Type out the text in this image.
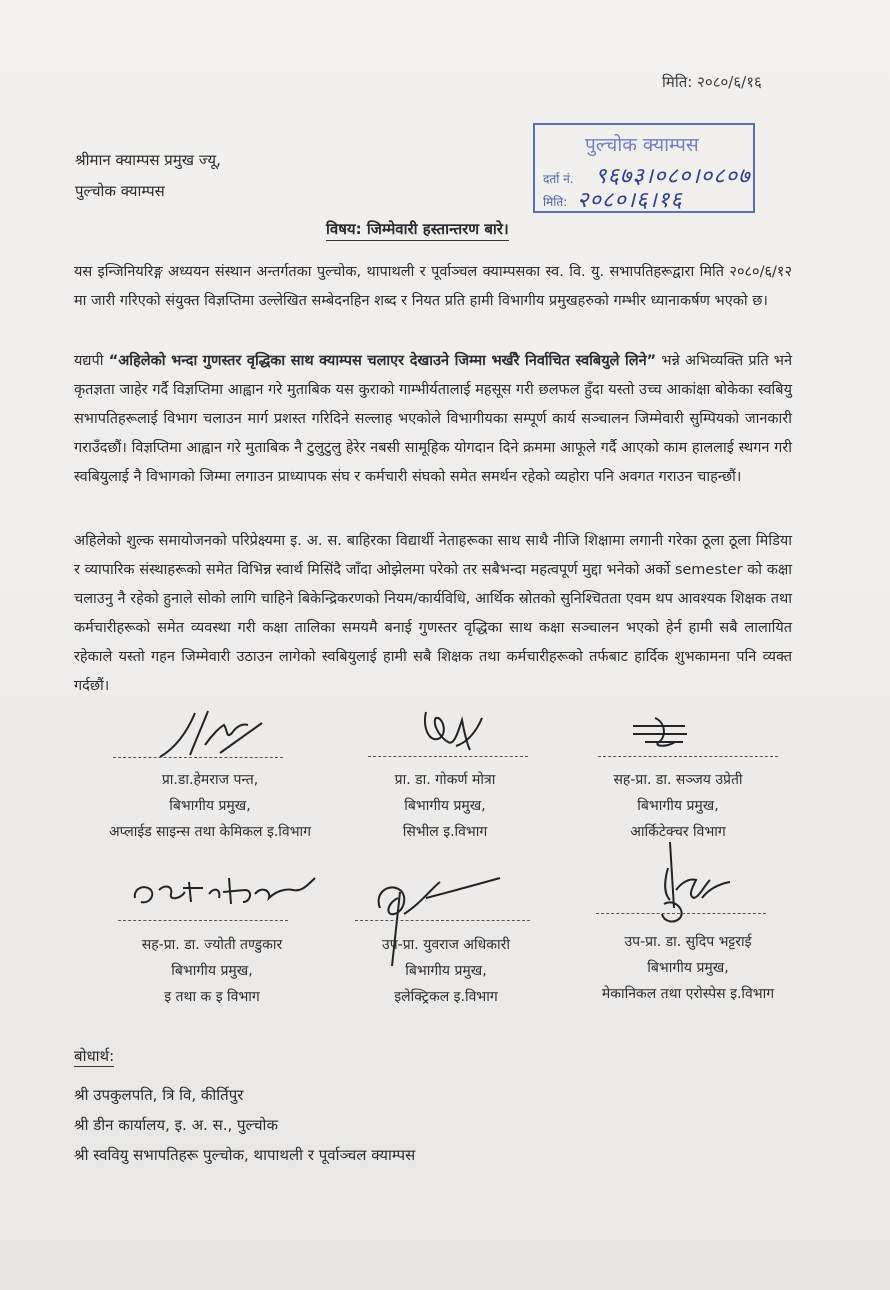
मिति: २०८०/६/१६
श्रीमान क्याम्पस प्रमुख ज्यू,
पुल्चोक क्याम्पस
पुल्चोक क्याम्पस
दर्ता नं. ९६७३।०८०।०८०७
मिति: २०८०।६।१६
विषय: जिम्मेवारी हस्तान्तरण बारे।
यस इन्जिनियरिङ्ग अध्ययन संस्थान अन्तर्गतका पुल्चोक, थापाथली र पूर्वाञ्चल क्याम्पसका स्व. वि. यु. सभापतिहरूद्वारा मिति २०८०/६/१२ मा जारी गरिएको संयुक्त विज्ञप्तिमा उल्लेखित सम्बेदनहिन शब्द र नियत प्रति हामी विभागीय प्रमुखहरुको गम्भीर ध्यानाकर्षण भएको छ।
यद्यपी “अहिलेको भन्दा गुणस्तर वृद्धिका साथ क्याम्पस चलाएर देखाउने जिम्मा भर्खरै निर्वाचित स्वबियुले लिने” भन्ने अभिव्यक्ति प्रति भने कृतज्ञता जाहेर गर्दै विज्ञप्तिमा आह्वान गरे मुताबिक यस कुराको गाम्भीर्यतालाई महसूस गरी छलफल हुँदा यस्तो उच्च आकांक्षा बोकेका स्वबियु सभापतिहरूलाई विभाग चलाउन मार्ग प्रशस्त गरिदिने सल्लाह भएकोले विभागीयका सम्पूर्ण कार्य सञ्चालन जिम्मेवारी सुम्पियको जानकारी गराउँदछौं। विज्ञप्तिमा आह्वान गरे मुताबिक नै टुलुटुलु हेरेर नबसी सामूहिक योगदान दिने क्रममा आफूले गर्दै आएको काम हाललाई स्थगन गरी स्वबियुलाई नै विभागको जिम्मा लगाउन प्राध्यापक संघ र कर्मचारी संघको समेत समर्थन रहेको व्यहोरा पनि अवगत गराउन चाहन्छौं।
अहिलेको शुल्क समायोजनको परिप्रेक्ष्यमा इ. अ. स. बाहिरका विद्यार्थी नेताहरूका साथ साथै नीजि शिक्षामा लगानी गरेका ठूला ठूला मिडिया र व्यापारिक संस्थाहरूको समेत विभिन्न स्वार्थ मिसिंदै जाँदा ओझेलमा परेको तर सबैभन्दा महत्वपूर्ण मुद्दा भनेको अर्को semester को कक्षा चलाउनु नै रहेको हुनाले सोको लागि चाहिने बिकेन्द्रिकरणको नियम/कार्यविधि, आर्थिक स्रोतको सुनिश्चितता एवम थप आवश्यक शिक्षक तथा कर्मचारीहरूको समेत व्यवस्था गरी कक्षा तालिका समयमै बनाई गुणस्तर वृद्धिका साथ कक्षा सञ्चालन भएको हेर्न हामी सबै लालायित रहेकाले यस्तो गहन जिम्मेवारी उठाउन लागेको स्वबियुलाई हामी सबै शिक्षक तथा कर्मचारीहरूको तर्फबाट हार्दिक शुभकामना पनि व्यक्त गर्दछौं।
प्रा.डा.हेमराज पन्त,
बिभागीय प्रमुख,
अप्लाईड साइन्स तथा केमिकल इ.विभाग
प्रा. डा. गोकर्ण मोत्रा
बिभागीय प्रमुख,
सिभील इ.विभाग
सह-प्रा. डा. सञ्जय उप्रेती
बिभागीय प्रमुख,
आर्किटेक्चर विभाग
सह-प्रा. डा. ज्योती तण्डुकार
बिभागीय प्रमुख,
इ तथा क इ विभाग
उप-प्रा. युवराज अधिकारी
बिभागीय प्रमुख,
इलेक्ट्रिकल इ.विभाग
उप-प्रा. डा. सुदिप भट्टराई
बिभागीय प्रमुख,
मेकानिकल तथा एरोस्पेस इ.विभाग
बोधार्थ:
श्री उपकुलपति, त्रि वि, कीर्तिपुर
श्री डीन कार्यालय, इ. अ. स., पुल्चोक
श्री स्ववियु सभापतिहरू पुल्चोक, थापाथली र पूर्वाञ्चल क्याम्पस
